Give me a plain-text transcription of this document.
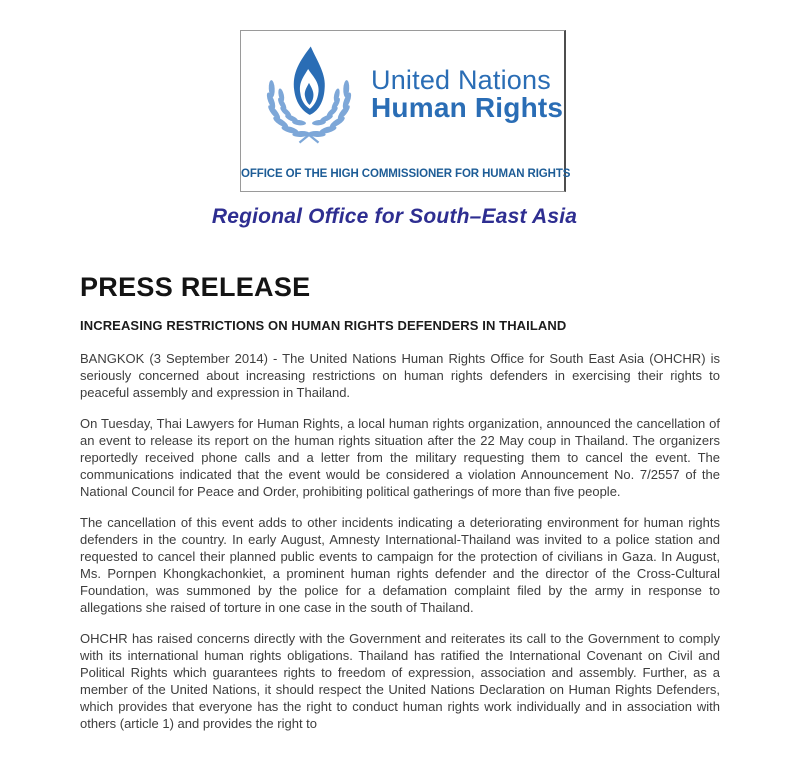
United Nations
Human Rights
OFFICE OF THE HIGH COMMISSIONER FOR HUMAN RIGHTS
Regional Office for South–East Asia
PRESS RELEASE
INCREASING RESTRICTIONS ON HUMAN RIGHTS DEFENDERS IN THAILAND

BANGKOK (3 September 2014) - The United Nations Human Rights Office for South East Asia (OHCHR) is seriously concerned about increasing restrictions on human rights defenders in exercising their rights to peaceful assembly and expression in Thailand.

On Tuesday, Thai Lawyers for Human Rights, a local human rights organization, announced the cancellation of an event to release its report on the human rights situation after the 22 May coup in Thailand. The organizers reportedly received phone calls and a letter from the military requesting them to cancel the event. The communications indicated that the event would be considered a violation Announcement No. 7/2557 of the National Council for Peace and Order, prohibiting political gatherings of more than five people.

The cancellation of this event adds to other incidents indicating a deteriorating environment for human rights defenders in the country. In early August, Amnesty International-Thailand was invited to a police station and requested to cancel their planned public events to campaign for the protection of civilians in Gaza. In August, Ms. Pornpen Khongkachonkiet, a prominent human rights defender and the director of the Cross-Cultural Foundation, was summoned by the police for a defamation complaint filed by the army in response to allegations she raised of torture in one case in the south of Thailand.

OHCHR has raised concerns directly with the Government and reiterates its call to the Government to comply with its international human rights obligations. Thailand has ratified the International Covenant on Civil and Political Rights which guarantees rights to freedom of expression, association and assembly. Further, as a member of the United Nations, it should respect the United Nations Declaration on Human Rights Defenders, which provides that everyone has the right to conduct human rights work individually and in association with others (article 1) and provides the right to
